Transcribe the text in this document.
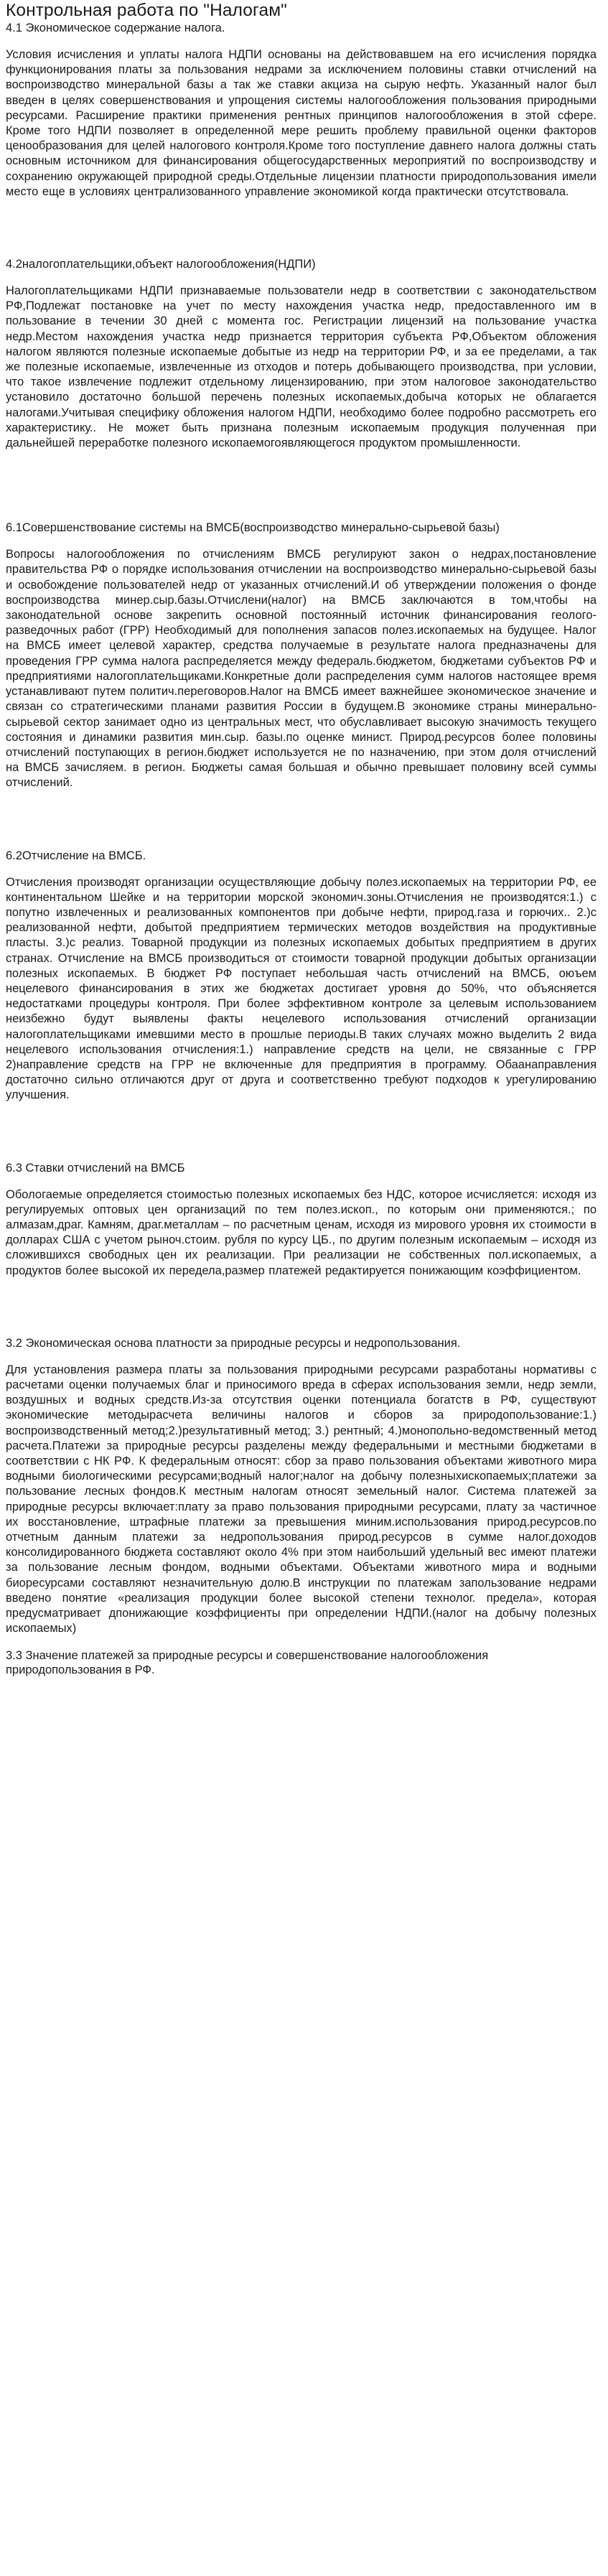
Контрольная работа по "Налогам"
4.1 Экономическое содержание налога.

Условия исчисления и уплаты налога НДПИ основаны на действовавшем на его исчисления порядка функционирования платы за пользования недрами за исключением половины ставки отчислений на воспроизводство минеральной базы а так же ставки акциза на сырую нефть. Указанный налог был введен в целях совершенствования и упрощения системы налогообложения пользования природными ресурсами. Расширение практики применения рентных принципов налогообложения в этой сфере. Кроме того НДПИ позволяет в определенной мере решить проблему правильной оценки факторов ценообразования для целей налогового контроля.Кроме того поступление давнего налога должны стать основным источником для финансирования общегосударственных мероприятий по воспроизводству и сохранению окружающей природной среды.Отдельные лицензии платности природопользования имели место еще в условиях централизованного управление экономикой когда практически отсутствовала.

4.2налогоплательщики,объект налогообложения(НДПИ)

Налогоплательщиками НДПИ признаваемые пользователи недр в соответствии с законодательством РФ,Подлежат постановке на учет по месту нахождения участка недр, предоставленного им в пользование в течении 30 дней с момента гос. Регистрации лицензий на пользование участка недр.Местом нахождения участка недр признается территория субъекта РФ,Объектом обложения налогом являются полезные ископаемые добытые из недр на территории РФ, и за ее пределами, а так же полезные ископаемые, извлеченные из отходов и потерь добывающего производства, при условии, что такое извлечение подлежит отдельному лицензированию, при этом налоговое законодательство установило достаточно большой перечень полезных ископаемых,добыча которых не облагается налогами.Учитывая специфику обложения налогом НДПИ, необходимо более подробно рассмотреть его характеристику.. Не может быть признана полезным ископаемым продукция полученная при дальнейшей переработке полезного ископаемогоявляющегося продуктом промышленности.

6.1Совершенствование системы на ВМСБ(воспроизводство минерально-сырьевой базы)

Вопросы налогообложения по отчислениям ВМСБ регулируют закон о недрах,постановление правительства РФ о порядке использования отчислении на воспроизводство минерально-сырьевой базы и освобождение пользователей недр от указанных отчислений.И об утверждении положения о фонде воспроизводства минер.сыр.базы.Отчислени(налог) на ВМСБ заключаются в том,чтобы на законодательной основе закрепить основной постоянный источник финансирования геолого-разведочных работ (ГРР) Необходимый для пополнения запасов полез.ископаемых на будущее. Налог на ВМСБ имеет целевой характер, средства получаемые в результате налога предназначены для проведения ГРР сумма налога распределяется между федераль.бюджетом, бюджетами субъектов РФ и предприятиями налогоплательщиками.Конкретные доли распределения сумм налогов настоящее время устанавливают путем политич.переговоров.Налог на ВМСБ имеет важнейшее экономическое значение и связан со стратегическими планами развития России в будущем.В экономике страны минерально-сырьевой сектор занимает одно из центральных мест, что обуславливает высокую значимость текущего состояния и динамики развития мин.сыр. базы.по оценке минист. Природ.ресурсов более половины отчислений поступающих в регион.бюджет используется не по назначению, при этом доля отчислений на ВМСБ зачисляем. в регион. Бюджеты самая большая и обычно превышает половину всей суммы отчислений.

6.2Отчисление на ВМСБ.

Отчисления производят организации осуществляющие добычу полез.ископаемых на территории РФ, ее континентальном Шейке и на территории морской экономич.зоны.Отчисления не производятся:1.) с попутно извлеченных и реализованных компонентов при добыче нефти, природ.газа и горючих.. 2.)с реализованной нефти, добытой предприятием термических методов воздействия на продуктивные пласты. 3.)с реализ. Товарной продукции из полезных ископаемых добытых предприятием в других странах. Отчисление на ВМСБ производиться от стоимости товарной продукции добытых организации полезных ископаемых. В бюджет РФ поступает небольшая часть отчислений на ВМСБ, оюъем нецелевого финансирования в этих же бюджетах достигает уровня до 50%, что объясняется недостатками процедуры контроля. При более эффективном контроле за целевым использованием неизбежно будут выявлены факты нецелевого использования отчислений организации налогоплательщиками имевшими место в прошлые периоды.В таких случаях можно выделить 2 вида нецелевого использования отчисления:1.) направление средств на цели, не связанные с ГРР 2)направление средств на ГРР не включенные для предприятия в программу. Обаанаправления достаточно сильно отличаются друг от друга и соответственно требуют подходов к урегулированию улучшения.

6.3 Ставки отчислений на ВМСБ

Обологаемые определяется стоимостью полезных ископаемых без НДС, которое исчисляется: исходя из регулируемых оптовых цен организаций по тем полез.ископ., по которым они применяются.; по алмазам,драг. Камням, драг.металлам – по расчетным ценам, исходя из мирового уровня их стоимости в долларах США с учетом рыноч.стоим. рубля по курсу ЦБ., по другим полезным ископаемым – исходя из сложившихся свободных цен их реализации. При реализации не собственных пол.ископаемых, а продуктов более высокой их передела,размер платежей редактируется понижающим коэффициентом.

3.2 Экономическая основа платности за природные ресурсы и недропользования.

Для установления размера платы за пользования природными ресурсами разработаны нормативы с расчетами оценки получаемых благ и приносимого вреда в сферах использования земли, недр земли, воздушных и водных средств.Из-за отсутствия оценки потенциала богатств в РФ, существуют экономические методырасчета величины налогов и сборов за природопользование:1.) воспроизводственный метод;2.)результативный метод; 3.) рентный; 4.)монопольно-ведомственный метод расчета.Платежи за природные ресурсы разделены между федеральными и местными бюджетами в соответствии с НК РФ. К федеральным относят: сбор за право пользования объектами животного мира водными биологическими ресурсами;водный налог;налог на добычу полезныхископаемых;платежи за пользование лесных фондов.К местным налогам относят земельный налог. Система платежей за природные ресурсы включает:плату за право пользования природными ресурсами, плату за частичное их восстановление, штрафные платежи за превышения миним.использования природ.ресурсов.по отчетным данным платежи за недропользования природ.ресурсов в сумме налог.доходов консолидированного бюджета составляют около 4% при этом наибольший удельный вес имеют платежи за пользование лесным фондом, водными объектами. Объектами животного мира и водными биоресурсами составляют незначительную долю.В инструкции по платежам запользование недрами введено понятие «реализация продукции более высокой степени технолог. предела», которая предусматривает дпонижающие коэффициенты при определении НДПИ.(налог на добычу полезных ископаемых)

3.3 Значение платежей за природные ресурсы и совершенствование налогообложения природопользования в РФ.
